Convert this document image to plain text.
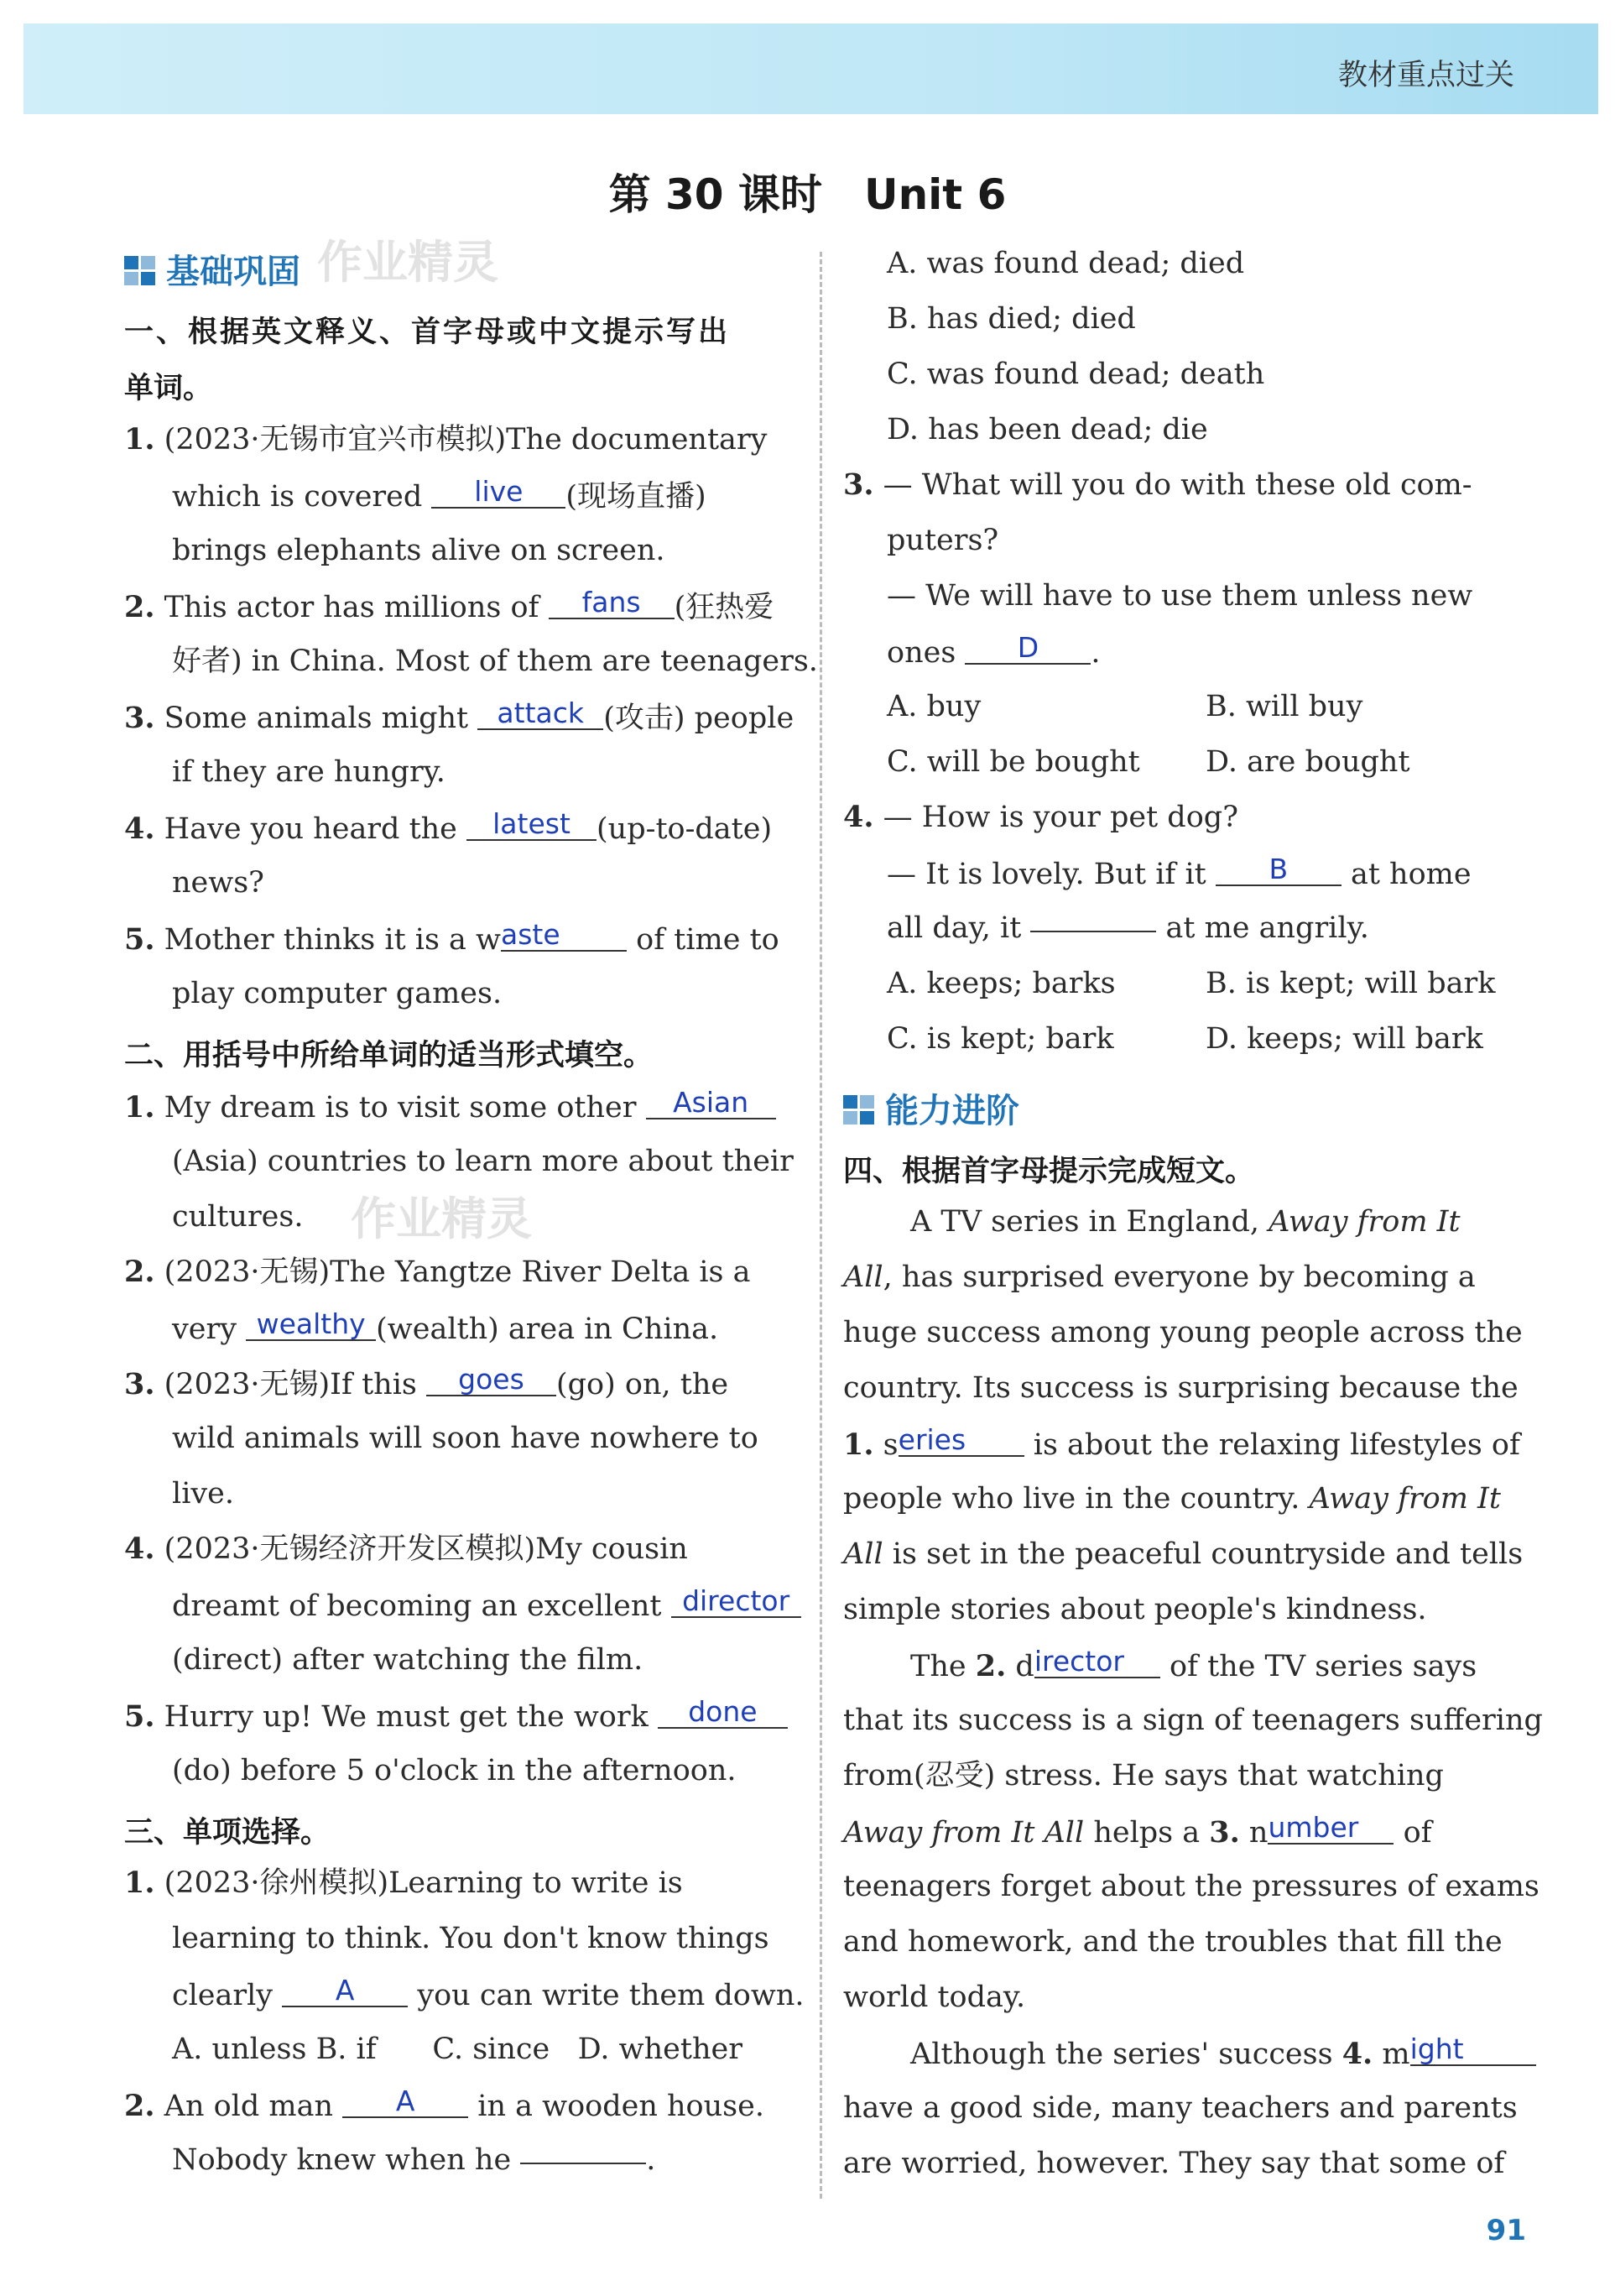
教材重点过关
第 30 课时　Unit 6
基础巩固 作业精灵
一、根据英文释义、首字母或中文提示写出
单词。
1. (2023·无锡市宜兴市模拟)The documentary
which is covered live (现场直播)
brings elephants alive on screen.
2. This actor has millions of fans (狂热爱
好者) in China. Most of them are teenagers.
3. Some animals might attack (攻击) people
if they are hungry.
4. Have you heard the latest (up-to-date)
news?
5. Mother thinks it is a waste of time to
play computer games.
二、用括号中所给单词的适当形式填空。
1. My dream is to visit some other Asian
(Asia) countries to learn more about their
cultures. 作业精灵
2. (2023·无锡)The Yangtze River Delta is a
very wealthy (wealth) area in China.
3. (2023·无锡)If this goes (go) on, the
wild animals will soon have nowhere to
live.
4. (2023·无锡经济开发区模拟)My cousin
dreamt of becoming an excellent director
(direct) after watching the film.
5. Hurry up! We must get the work done
(do) before 5 o'clock in the afternoon.
三、单项选择。
1. (2023·徐州模拟)Learning to write is
learning to think. You don't know things
clearly A you can write them down.
A. unless B. if      C. since   D. whether
2. An old man A in a wooden house.
Nobody knew when he	.
A. was found dead; died
B. has died; died
C. was found dead; death
D. has been dead; die
3. — What will you do with these old com-
puters?
— We will have to use them unless new
ones D .
A. buy	B. will buy
C. will be bought D. are bought
4. — How is your pet dog?
— It is lovely. But if it B at home
all day, it	at me angrily.
A. keeps; barks	B. is kept; will bark
C. is kept; bark	D. keeps; will bark
能力进阶
四、根据首字母提示完成短文。
A TV series in England, Away from It
All, has surprised everyone by becoming a
huge success among young people across the
country. Its success is surprising because the
1. series is about the relaxing lifestyles of
people who live in the country. Away from It
All is set in the peaceful countryside and tells
simple stories about people's kindness.
The 2. director of the TV series says
that its success is a sign of teenagers suffering
from(忍受) stress. He says that watching
Away from It All helps a 3. number of
teenagers forget about the pressures of exams
and homework, and the troubles that fill the
world today.
Although the series' success 4. might
have a good side, many teachers and parents
are worried, however. They say that some of
91
